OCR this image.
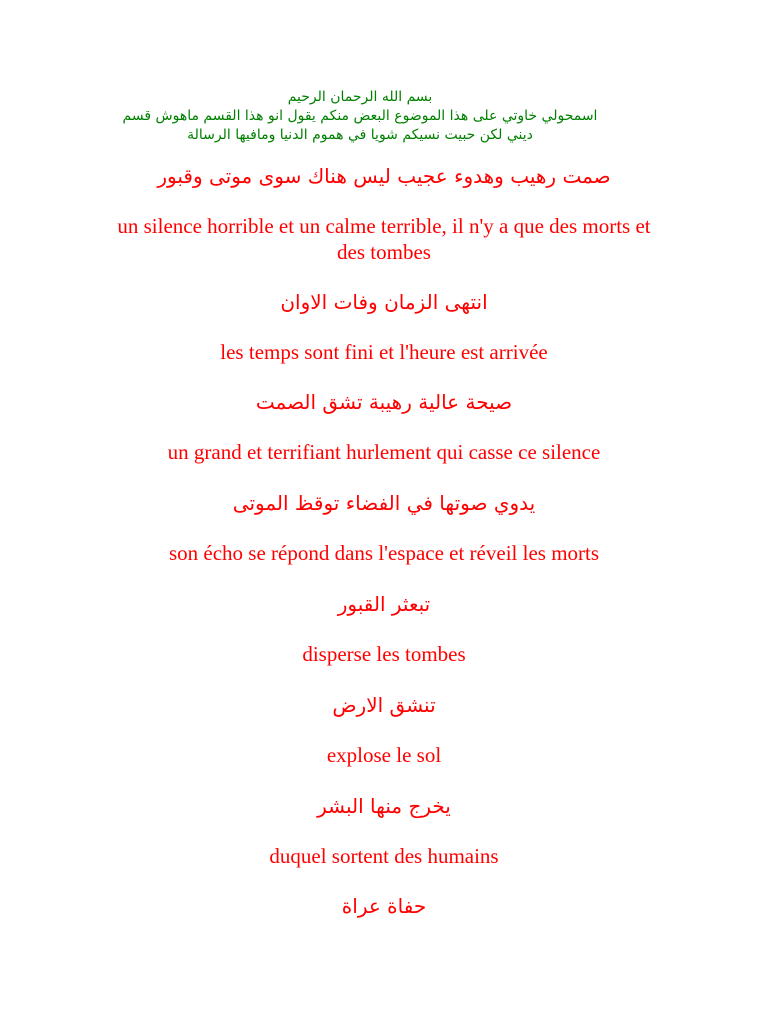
بسم الله الرحمان الرحيم
اسمحولي خاوتي على هذا الموضوع البعض منكم يقول انو هذا القسم ماهوش قسم ديني لكن حبيت نسيكم شويا في هموم الدنيا ومافيها الرسالة
صمت رهيب وهدوء عجيب ليس هناك سوى موتى وقبور
un silence horrible et un calme terrible, il n'y a que des morts et des tombes
انتهى الزمان وفات الاوان
les temps sont fini et l'heure est arrivée
صيحة عالية رهيبة تشق الصمت
un grand et terrifiant hurlement qui casse ce silence
يدوي صوتها في الفضاء توقظ الموتى
son écho se répond dans l'espace et réveil les morts
تبعثر القبور
disperse les tombes
تنشق الارض
explose le sol
يخرج منها البشر
duquel sortent des humains
حفاة عراة
